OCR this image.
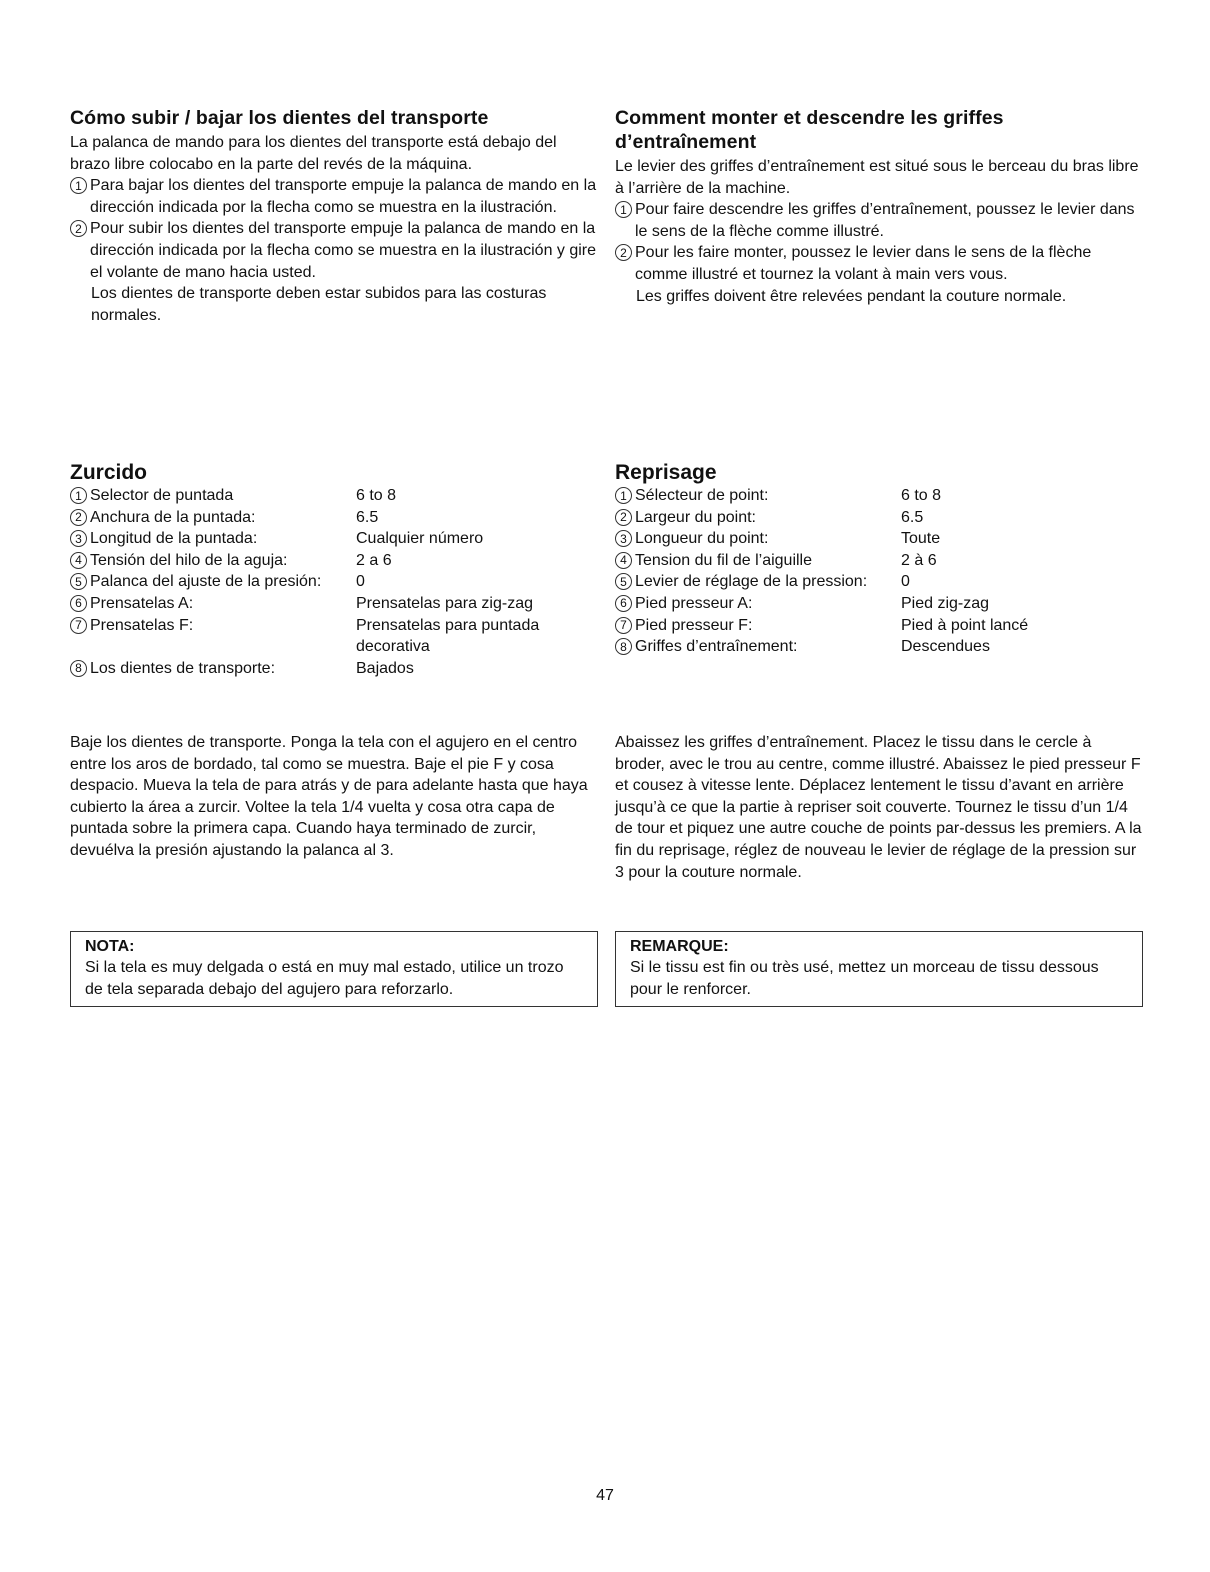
Cómo subir / bajar los dientes del transporte

La palanca de mando para los dientes del transporte está debajo del brazo libre colocabo en la parte del revés de la máquina.

1 Para bajar los dientes del transporte empuje la palanca de mando en la dirección indicada por la flecha como se muestra en la ilustración.
2 Pour subir los dientes del transporte empuje la palanca de mando en la dirección indicada por la flecha como se muestra en la ilustración y gire el volante de mano hacia usted.
Los dientes de transporte deben estar subidos para las costuras normales.
Comment monter et descendre les griffes d’entraînement

Le levier des griffes d’entraînement est situé sous le berceau du bras libre à l’arrière de la machine.

1 Pour faire descendre les griffes d’entraînement, poussez le levier dans le sens de la flèche comme illustré.
2 Pour les faire monter, poussez le levier dans le sens de la flèche comme illustré et tournez la volant à main vers vous.
Les griffes doivent être relevées pendant la couture normale.
Zurcido
1 Selector de puntada	6 to 8
2 Anchura de la puntada:	6.5
3 Longitud de la puntada:	Cualquier número
4 Tensión del hilo de la aguja:	2 a 6
5 Palanca del ajuste de la presión: 0
6 Prensatelas A:	Prensatelas para zig-zag
7 Prensatelas F:	Prensatelas para puntada decorativa
8 Los dientes de transporte:	Bajados
Reprisage
1 Sélecteur de point:	6 to 8
2 Largeur du point:	6.5
3 Longueur du point:	Toute
4 Tension du fil de l’aiguille	2 à 6
5 Levier de réglage de la pression: 0
6 Pied presseur A:	Pied zig-zag
7 Pied presseur F:	Pied à point lancé
8 Griffes d’entraînement:	Descendues

Baje los dientes de transporte. Ponga la tela con el agujero en el centro entre los aros de bordado, tal como se muestra. Baje el pie F y cosa despacio. Mueva la tela de para atrás y de para adelante hasta que haya cubierto la área a zurcir. Voltee la tela 1/4 vuelta y cosa otra capa de puntada sobre la primera capa. Cuando haya terminado de zurcir, devuélva la presión ajustando la palanca al 3.

Abaissez les griffes d’entraînement. Placez le tissu dans le cercle à broder, avec le trou au centre, comme illustré. Abaissez le pied presseur F et cousez à vitesse lente. Déplacez lentement le tissu d’avant en arrière jusqu’à ce que la partie à repriser soit couverte. Tournez le tissu d’un 1/4 de tour et piquez une autre couche de points par-dessus les premiers. A la fin du reprisage, réglez de nouveau le levier de réglage de la pression sur 3 pour la couture normale.

NOTA:
Si la tela es muy delgada o está en muy mal estado, utilice un trozo de tela separada debajo del agujero para reforzarlo.
REMARQUE:
Si le tissu est fin ou très usé, mettez un morceau de tissu dessous pour le renforcer.
47
